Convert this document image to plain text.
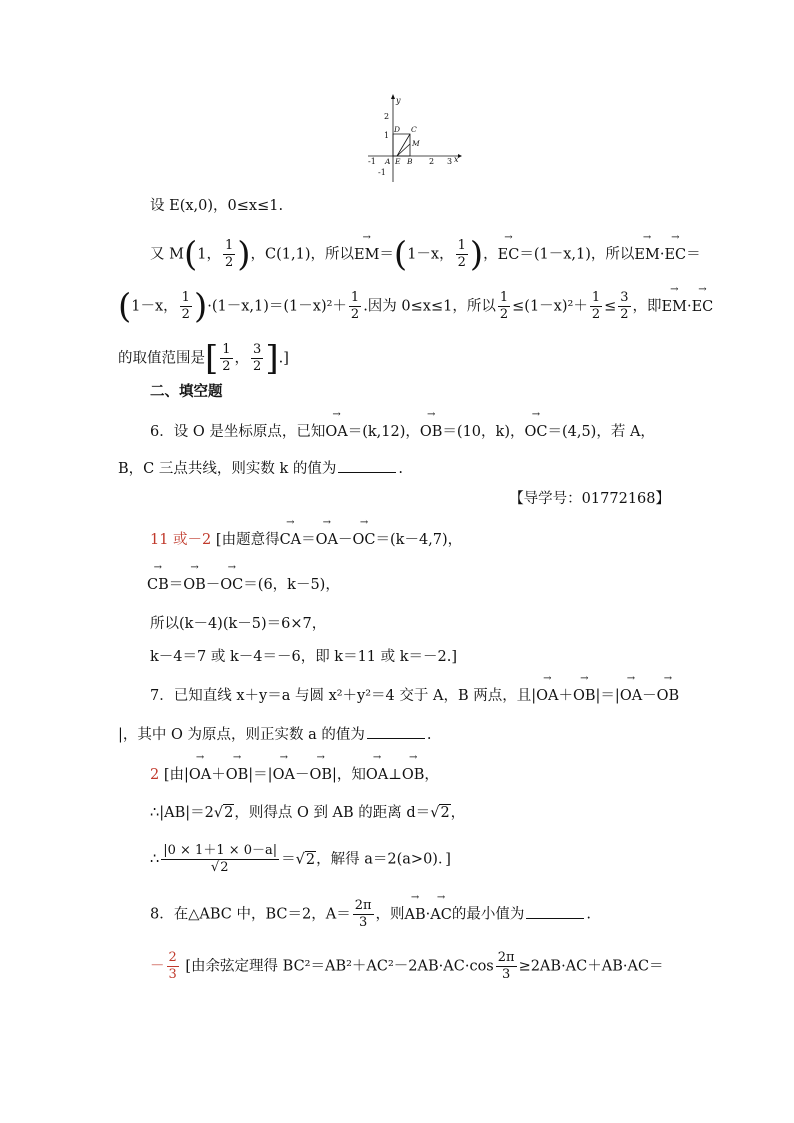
y
x
2
1
-1
-1 A E B 2 3
D C
M
设 E(x,0)，0≤x≤1.
又 M(1， $\frac{1}{2}$ )，C(1,1)，所以→ EM＝(1－x， $\frac{1}{2}$ )，→ EC＝(1－x,1)，所以→ EM·→ EC＝
(1－x， $\frac{1}{2} )\cdot(1-x,1)=(1-x)^2+ \frac{1}{2}$ .因为 0≤x≤1，所以 $\frac{1}{2} \le(1-x)^2+ \frac{1}{2} \le \frac{3}{2}$ ，即→ EM·→ EC
的取值范围是[ $\frac{1}{2}$ ， $\frac{3}{2}$ ].]
二、填空题
6．设 O 是坐标原点，已知→ OA＝(k,12)，→ OB＝(10，k)，→ OC＝(4,5)，若 A，
B，C 三点共线，则实数 k 的值为	.
【导学号：01772168】
11 或－2 [由题意得→ CA＝→ OA－→ OC＝(k－4,7)，
→ CB＝→ OB－→ OC＝(6，k－5)，
所以(k－4)(k－5)＝6×7，
k－4＝7 或 k－4＝－6，即 k＝11 或 k＝－2.]
7．已知直线 x＋y＝a 与圆 x²＋y²＝4 交于 A，B 两点，且|→ OA＋→ OB|＝|→ OA－→ OB
|，其中 O 为原点，则正实数 a 的值为	.
2 [由|→ OA＋→ OB|＝|→ OA－→ OB|，知→ OA⊥→ OB，
∴|AB|＝2√2，则得点 O 到 AB 的距离 d＝√2，
∴ $\frac{|0 \times 1+1 \times 0-a|}{√2} =√2$，解得 a＝2(a>0)．]
8．在△ABC 中，BC＝2，$A= \frac{2\pi}{3}$ ，则→ AB·→ AC的最小值为	.
－ $\frac{2}{3}$ [由余弦定理得 $BC^2=AB^2+AC^2-2AB\cdot AC\cdot\cos \frac{2\pi}{3} \ge 2AB\cdot AC+AB\cdot AC=$
